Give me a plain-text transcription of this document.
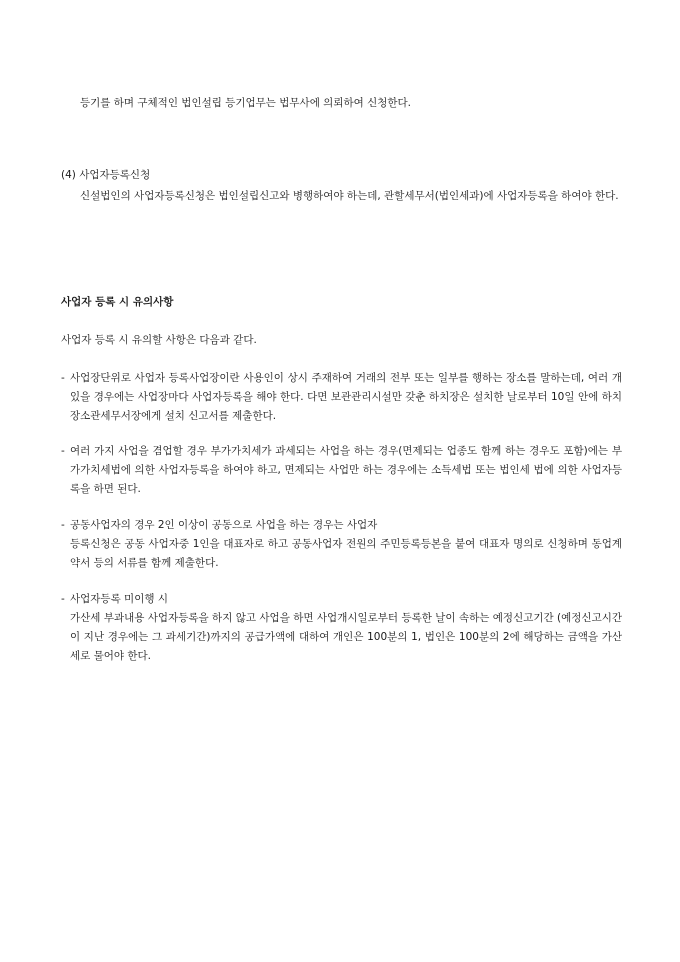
등기를 하며 구체적인 법인설립 등기업무는 법무사에 의뢰하여 신청한다.

(4) 사업자등록신청

신설법인의 사업자등록신청은 법인설립신고와 병행하여야 하는데, 관할세무서(법인세과)에 사업자등록을 하여야 한다.

사업자 등록 시 유의사항

사업자 등록 시 유의할 사항은 다음과 같다.

- 사업장단위로 사업자 등록사업장이란 사용인이 상시 주재하여 거래의 전부 또는 일부를 행하는 장소를 말하는데, 여러 개 있을 경우에는 사업장마다 사업자등록을 해야 한다. 다면 보관관리시설만 갖춘 하치장은 설치한 날로부터 10일 안에 하치장소관세무서장에게 설치 신고서를 제출한다.

- 여러 가지 사업을 겸업할 경우 부가가치세가 과세되는 사업을 하는 경우(면제되는 업종도 함께 하는 경우도 포함)에는 부가가치세법에 의한 사업자등록을 하여야 하고, 면제되는 사업만 하는 경우에는 소득세법 또는 법인세 법에 의한 사업자등록을 하면 된다.

- 공동사업자의 경우 2인 이상이 공동으로 사업을 하는 경우는 사업자

등록신청은 공동 사업자중 1인을 대표자로 하고 공동사업자 전원의 주민등록등본을 붙여 대표자 명의로 신청하며 동업계약서 등의 서류를 함께 제출한다.

- 사업자등록 미이행 시

가산세 부과내용 사업자등록을 하지 않고 사업을 하면 사업개시일로부터 등록한 날이 속하는 예정신고기간 (예정신고시간이 지난 경우에는 그 과세기간)까지의 공급가액에 대하여 개인은 100분의 1, 법인은 100분의 2에 해당하는 금액을 가산세로 물어야 한다.
